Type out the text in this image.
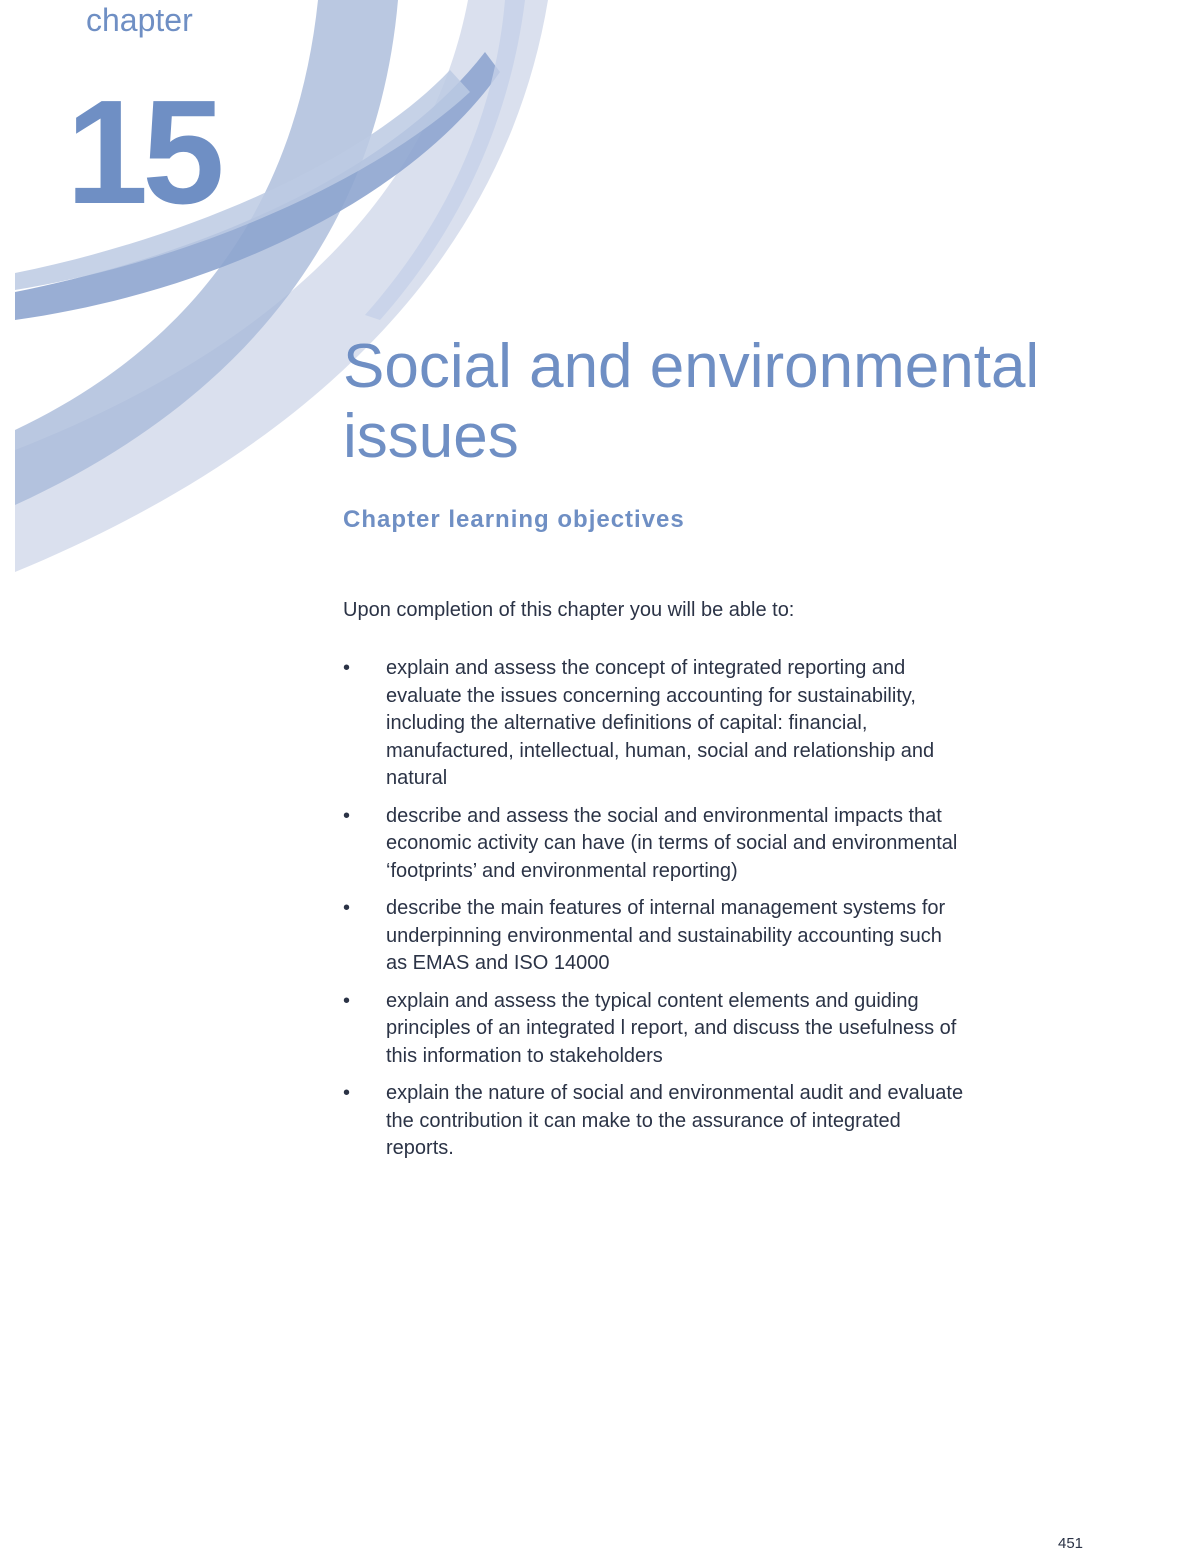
chapter
15
Social and environmental
issues
Chapter learning objectives

Upon completion of this chapter you will be able to:

•	explain and assess the concept of integrated reporting and
evaluate the issues concerning accounting for sustainability,
including the alternative definitions of capital: financial,
manufactured, intellectual, human, social and relationship and
natural
•	describe and assess the social and environmental impacts that
economic activity can have (in terms of social and environmental
‘footprints’ and environmental reporting)
•	describe the main features of internal management systems for
underpinning environmental and sustainability accounting such
as EMAS and ISO 14000
•	explain and assess the typical content elements and guiding
principles of an integrated l report, and discuss the usefulness of
this information to stakeholders
•	explain the nature of social and environmental audit and evaluate
the contribution it can make to the assurance of integrated
reports.
451
